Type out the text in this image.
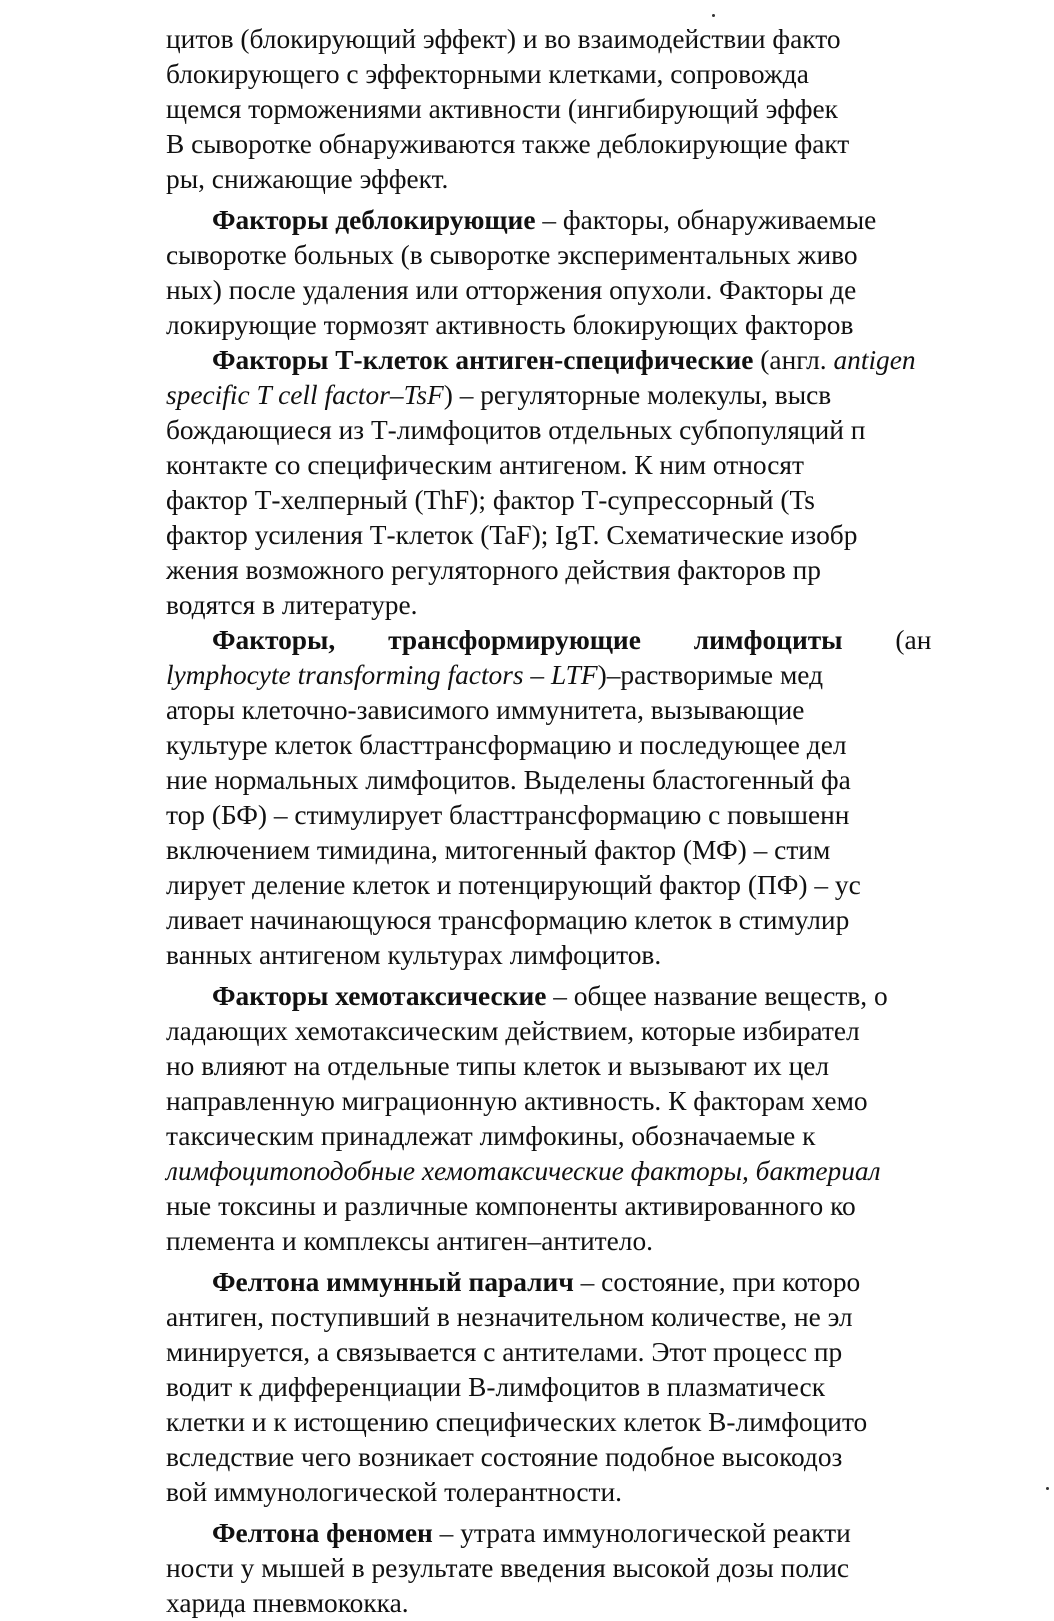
цитов (блокирующий эффект) и во взаимодействии факто
блокирующего с эффекторными клетками, сопровожда
щемся торможениями активности (ингибирующий эффек
В сыворотке обнаруживаются также деблокирующие факт
ры, снижающие эффект.

Факторы деблокирующие – факторы, обнаруживаемые
сыворотке больных (в сыворотке экспериментальных живо
ных) после удаления или отторжения опухоли. Факторы де
локирующие тормозят активность блокирующих факторов

Факторы Т-клеток антиген-специфические (англ. antigen
specific T cell factor–TsF) – регуляторные молекулы, высв
бождающиеся из Т-лимфоцитов отдельных субпопуляций п
контакте со специфическим антигеном. К ним относят
фактор Т-хелперный (ThF); фактор Т-супрессорный (Ts
фактор усиления Т-клеток (TaF); IgT. Схематические изобр
жения возможного регуляторного действия факторов пр
водятся в литературе.

Факторы, трансформирующие лимфоциты (ан
lymphocyte transforming factors – LTF)–растворимые мед
аторы клеточно-зависимого иммунитета, вызывающие
культуре клеток бласттрансформацию и последующее дел
ние нормальных лимфоцитов. Выделены бластогенный фа
тор (БФ) – стимулирует бласттрансформацию с повышенн
включением тимидина, митогенный фактор (МФ) – стим
лирует деление клеток и потенцирующий фактор (ПФ) – ус
ливает начинающуюся трансформацию клеток в стимулир
ванных антигеном культурах лимфоцитов.

Факторы хемотаксические – общее название веществ, о
ладающих хемотаксическим действием, которые избирател
но влияют на отдельные типы клеток и вызывают их цел
направленную миграционную активность. К факторам хемо
таксическим принадлежат лимфокины, обозначаемые к
лимфоцитоподобные хемотаксические факторы, бактериал
ные токсины и различные компоненты активированного ко
племента и комплексы антиген–антитело.

Фелтона иммунный паралич – состояние, при которо
антиген, поступивший в незначительном количестве, не эл
минируется, а связывается с антителами. Этот процесс пр
водит к дифференциации В-лимфоцитов в плазматическ
клетки и к истощению специфических клеток В-лимфоцито
вследствие чего возникает состояние подобное высокодоз
вой иммунологической толерантности.

Фелтона феномен – утрата иммунологической реакти
ности у мышей в результате введения высокой дозы полис
харида пневмококка.
